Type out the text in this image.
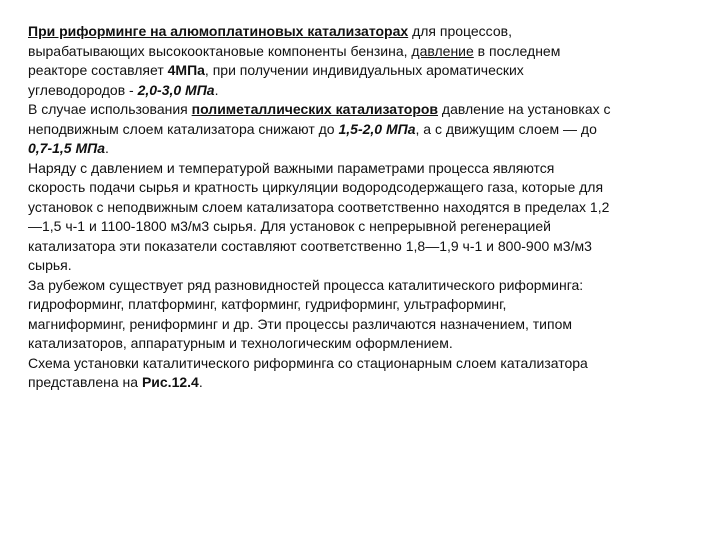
При риформинге на алюмоплатиновых катализаторах для процессов,
вырабатывающих высокооктановые компоненты бензина, давление в последнем
реакторе составляет 4МПа, при получении индивидуальных ароматических
углеводородов - 2,0-3,0 МПа.
В случае использования полиметаллических катализаторов давление на установках с
неподвижным слоем катализатора снижают до 1,5-2,0 МПа, а с движущим слоем — до
0,7-1,5 МПа.
Наряду с давлением и температурой важными параметрами процесса являются
скорость подачи сырья и кратность циркуляции водородсодержащего газа, которые для
установок с неподвижным слоем катализатора соответственно находятся в пределах 1,2
—1,5 ч-1 и 1100-1800 м3/м3 сырья. Для установок с непрерывной регенерацией
катализатора эти показатели составляют соответственно 1,8—1,9 ч-1 и 800-900 м3/м3
сырья.
За рубежом существует ряд разновидностей процесса каталитического риформинга:
гидроформинг, платформинг, катформинг, гудриформинг, ультраформинг,
магниформинг, рениформинг и др. Эти процессы различаются назначением, типом
катализаторов, аппаратурным и технологическим оформлением.
Схема установки каталитического риформинга со стационарным слоем катализатора
представлена на Рис.12.4.
